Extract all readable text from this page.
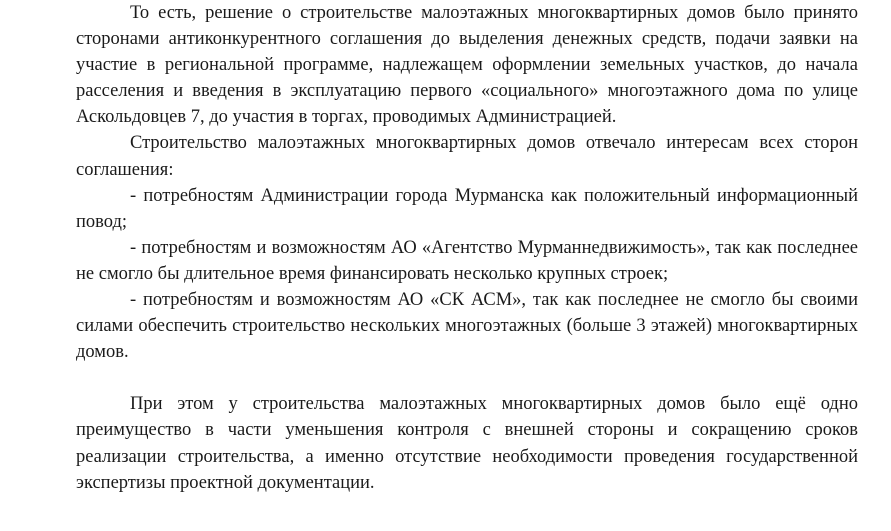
То есть, решение о строительстве малоэтажных многоквартирных домов было принято сторонами антиконкурентного соглашения до выделения денежных средств, подачи заявки на участие в региональной программе, надлежащем оформлении земельных участков, до начала расселения и введения в эксплуатацию первого «социального» многоэтажного дома по улице Аскольдовцев 7, до участия в торгах, проводимых Администрацией.

Строительство малоэтажных многоквартирных домов отвечало интересам всех сторон соглашения:

- потребностям Администрации города Мурманска как положительный информационный повод;

- потребностям и возможностям АО «Агентство Мурманнедвижимость», так как последнее не смогло бы длительное время финансировать несколько крупных строек;

- потребностям и возможностям АО «СК АСМ», так как последнее не смогло бы своими силами обеспечить строительство нескольких многоэтажных (больше 3 этажей) многоквартирных домов.

При этом у строительства малоэтажных многоквартирных домов было ещё одно преимущество в части уменьшения контроля с внешней стороны и сокращению сроков реализации строительства, а именно отсутствие необходимости проведения государственной экспертизы проектной документации.
